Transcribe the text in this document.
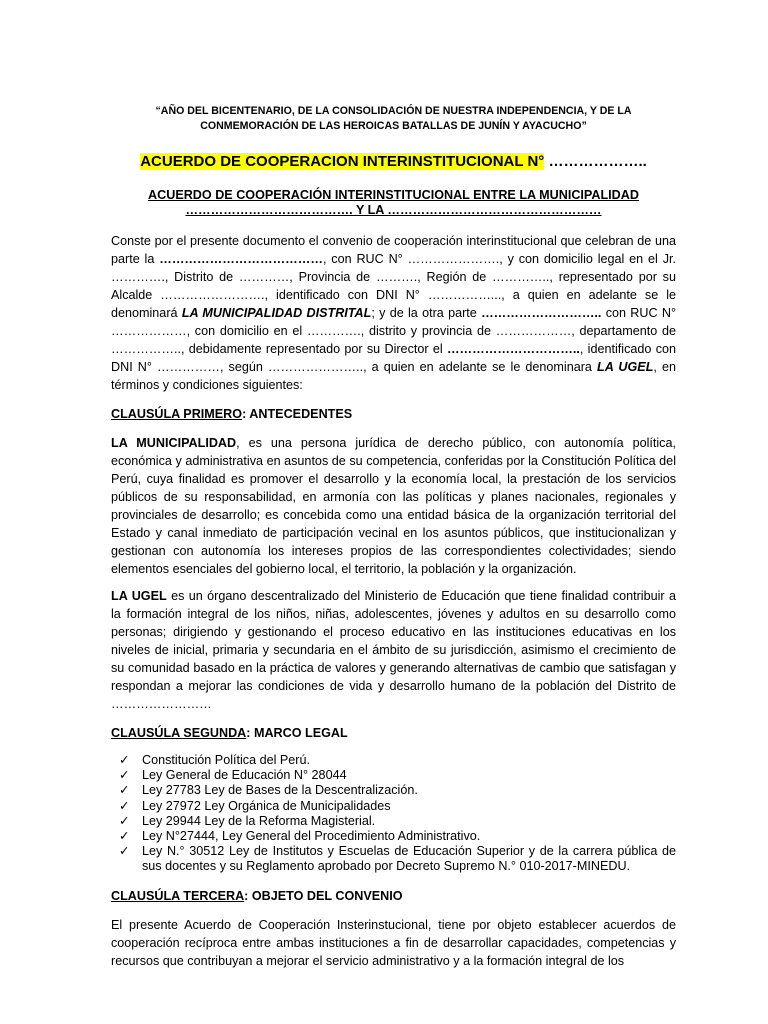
“AÑO DEL BICENTENARIO, DE LA CONSOLIDACIÓN DE NUESTRA INDEPENDENCIA, Y DE LA
CONMEMORACIÓN DE LAS HEROICAS BATALLAS DE JUNÍN Y AYACUCHO”
ACUERDO DE COOPERACION INTERINSTITUCIONAL N° ………………..
ACUERDO DE COOPERACIÓN INTERINSTITUCIONAL ENTRE LA MUNICIPALIDAD
…………………………………. Y LA ……………………………………………

Conste por el presente documento el convenio de cooperación interinstitucional que celebran de una parte la …………………………………, con RUC N° …………………., y con domicilio legal en el Jr. …………., Distrito de …………, Provincia de ………., Región de ………….., representado por su Alcalde ……………………., identificado con DNI N° ……………..., a quien en adelante se le denominará LA MUNICIPALIDAD DISTRITAL; y de la otra parte ……………………….. con RUC N° ………………, con domicilio en el …………., distrito y provincia de ………………, departamento de …………….., debidamente representado por su Director el ………………………….., identificado con DNI N° ……………, según ………………….., a quien en adelante se le denominara LA UGEL, en términos y condiciones siguientes:

CLAUSÚLA PRIMERO: ANTECEDENTES

LA MUNICIPALIDAD, es una persona jurídica de derecho público, con autonomía política, económica y administrativa en asuntos de su competencia, conferidas por la Constitución Política del Perú, cuya finalidad es promover el desarrollo y la economía local, la prestación de los servicios públicos de su responsabilidad, en armonía con las políticas y planes nacionales, regionales y provinciales de desarrollo; es concebida como una entidad básica de la organización territorial del Estado y canal inmediato de participación vecinal en los asuntos públicos, que institucionalizan y gestionan con autonomía los intereses propios de las correspondientes colectividades; siendo elementos esenciales del gobierno local, el territorio, la población y la organización.

LA UGEL es un órgano descentralizado del Ministerio de Educación que tiene finalidad contribuir a la formación integral de los niños, niñas, adolescentes, jóvenes y adultos en su desarrollo como personas; dirigiendo y gestionando el proceso educativo en las instituciones educativas en los niveles de inicial, primaria y secundaria en el ámbito de su jurisdicción, asimismo el crecimiento de su comunidad basado en la práctica de valores y generando alternativas de cambio que satisfagan y respondan a mejorar las condiciones de vida y desarrollo humano de la población del Distrito de ……………………

CLAUSÚLA SEGUNDA: MARCO LEGAL
✓ Constitución Política del Perú.
✓ Ley General de Educación N° 28044
✓ Ley 27783 Ley de Bases de la Descentralización.
✓ Ley 27972 Ley Orgánica de Municipalidades
✓ Ley 29944 Ley de la Reforma Magisterial.
✓ Ley N°27444, Ley General del Procedimiento Administrativo.
✓ Ley N.° 30512 Ley de Institutos y Escuelas de Educación Superior y de la carrera pública de sus docentes y su Reglamento aprobado por Decreto Supremo N.° 010-2017-MINEDU.
CLAUSÚLA TERCERA: OBJETO DEL CONVENIO

El presente Acuerdo de Cooperación Insterinstucional, tiene por objeto establecer acuerdos de cooperación recíproca entre ambas instituciones a fin de desarrollar capacidades, competencias y recursos que contribuyan a mejorar el servicio administrativo y a la formación integral de los
